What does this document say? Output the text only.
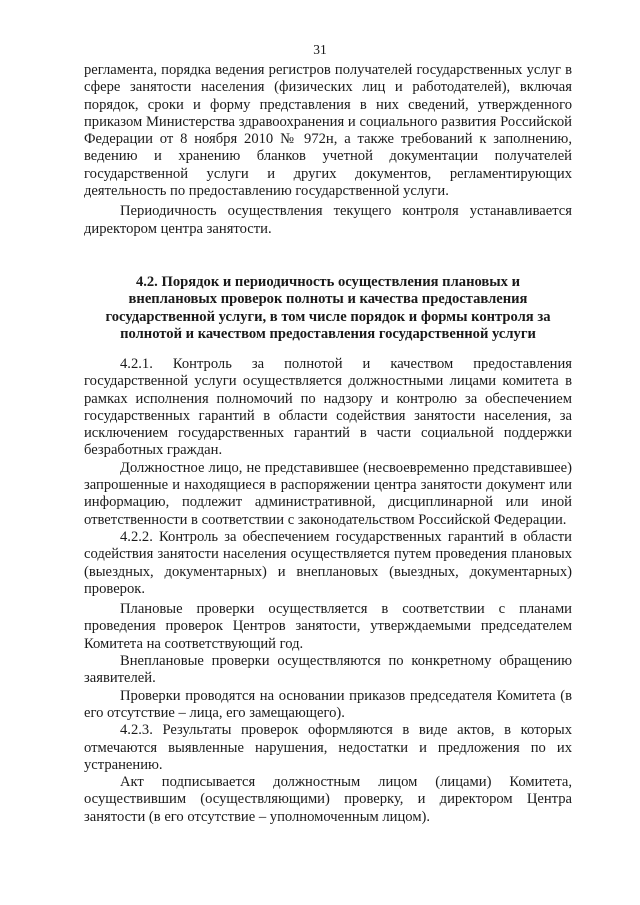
31

регламента, порядка ведения регистров получателей государственных услуг в сфере занятости населения (физических лиц и работодателей), включая порядок, сроки и форму представления в них сведений, утвержденного приказом Министерства здравоохранения и социального развития Российской Федерации от 8 ноября 2010 № 972н, а также требований к заполнению, ведению и хранению бланков учетной документации получателей государственной услуги и других документов, регламентирующих деятельность по предоставлению государственной услуги.

Периодичность осуществления текущего контроля устанавливается директором центра занятости.

4.2. Порядок и периодичность осуществления плановых и внеплановых проверок полноты и качества предоставления государственной услуги, в том числе порядок и формы контроля за полнотой и качеством предоставления государственной услуги

4.2.1. Контроль за полнотой и качеством предоставления государственной услуги осуществляется должностными лицами комитета в рамках исполнения полномочий по надзору и контролю за обеспечением государственных гарантий в области содействия занятости населения, за исключением государственных гарантий в части социальной поддержки безработных граждан.

Должностное лицо, не представившее (несвоевременно представившее) запрошенные и находящиеся в распоряжении центра занятости документ или информацию, подлежит административной, дисциплинарной или иной ответственности в соответствии с законодательством Российской Федерации.

4.2.2. Контроль за обеспечением государственных гарантий в области содействия занятости населения осуществляется путем проведения плановых (выездных, документарных) и внеплановых (выездных, документарных) проверок.

Плановые проверки осуществляется в соответствии с планами проведения проверок Центров занятости, утверждаемыми председателем Комитета на соответствующий год.

Внеплановые проверки осуществляются по конкретному обращению заявителей.

Проверки проводятся на основании приказов председателя Комитета (в его отсутствие – лица, его замещающего).

4.2.3. Результаты проверок оформляются в виде актов, в которых отмечаются выявленные нарушения, недостатки и предложения по их устранению.

Акт подписывается должностным лицом (лицами) Комитета, осуществившим (осуществляющими) проверку, и директором Центра занятости (в его отсутствие – уполномоченным лицом).
